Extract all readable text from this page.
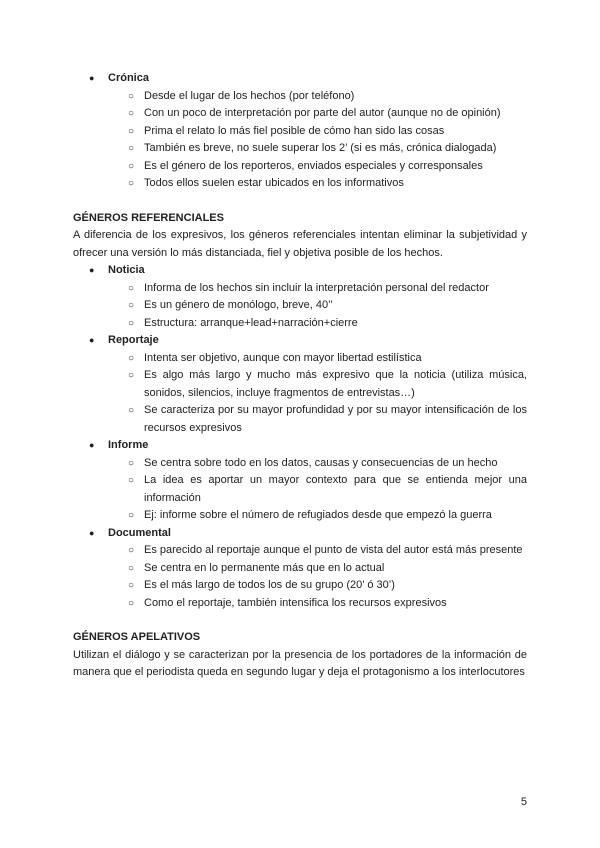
● Crónica
○ Desde el lugar de los hechos (por teléfono)
○ Con un poco de interpretación por parte del autor (aunque no de opinión)
○ Prima el relato lo más fiel posible de cómo han sido las cosas
○ También es breve, no suele superar los 2’ (si es más, crónica dialogada)
○ Es el género de los reporteros, enviados especiales y corresponsales
○ Todos ellos suelen estar ubicados en los informativos
GÉNEROS REFERENCIALES
A diferencia de los expresivos, los géneros referenciales intentan eliminar la subjetividad y ofrecer una versión lo más distanciada, fiel y objetiva posible de los hechos.
● Noticia
○ Informa de los hechos sin incluir la interpretación personal del redactor
○ Es un género de monólogo, breve, 40’’
○ Estructura: arranque+lead+narración+cierre
● Reportaje
○ Intenta ser objetivo, aunque con mayor libertad estilística
○ Es algo más largo y mucho más expresivo que la noticia (utiliza música, sonidos, silencios, incluye fragmentos de entrevistas…)
○ Se caracteriza por su mayor profundidad y por su mayor intensificación de los recursos expresivos
● Informe
○ Se centra sobre todo en los datos, causas y consecuencias de un hecho
○ La idea es aportar un mayor contexto para que se entienda mejor una información
○ Ej: informe sobre el número de refugiados desde que empezó la guerra
● Documental
○ Es parecido al reportaje aunque el punto de vista del autor está más presente
○ Se centra en lo permanente más que en lo actual
○ Es el más largo de todos los de su grupo (20’ ó 30’)
○ Como el reportaje, también intensifica los recursos expresivos
GÉNEROS APELATIVOS
Utilizan el diálogo y se caracterizan por la presencia de los portadores de la información de manera que el periodista queda en segundo lugar y deja el protagonismo a los interlocutores
5
